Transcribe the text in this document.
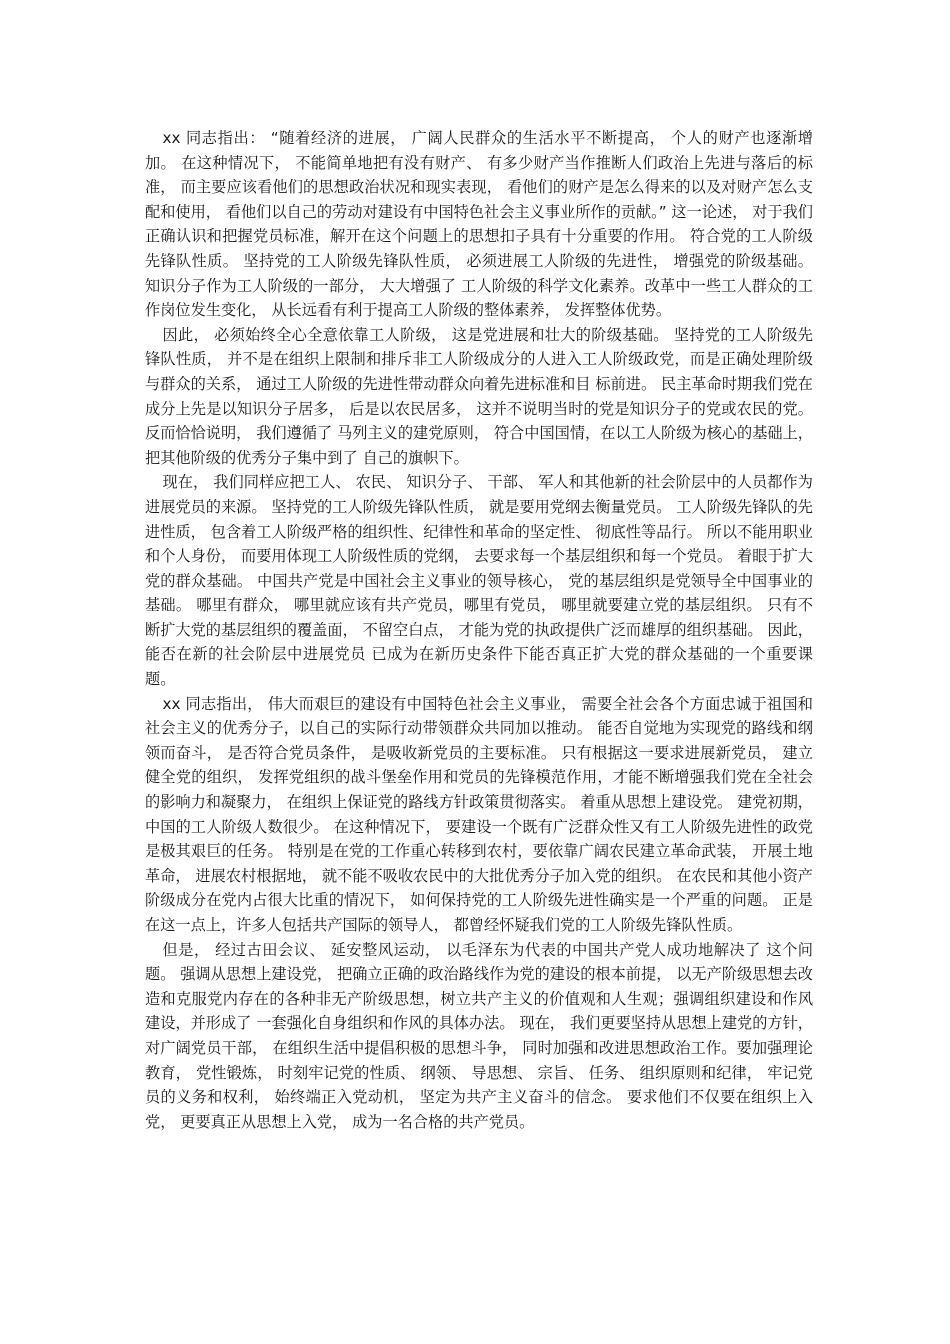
xx 同志指出： “随着经济的进展， 广阔人民群众的生活水平不断提高， 个人的财产也逐渐增加。 在这种情况下， 不能简单地把有没有财产、 有多少财产当作推断人们政治上先进与落后的标准， 而主要应该看他们的思想政治状况和现实表现， 看他们的财产是怎么得来的以及对财产怎么支配和使用， 看他们以自己的劳动对建设有中国特色社会主义事业所作的贡献。” 这一论述， 对于我们正确认识和把握党员标准，解开在这个问题上的思想扣子具有十分重要的作用。 符合党的工人阶级先锋队性质。 坚持党的工人阶级先锋队性质， 必须进展工人阶级的先进性， 增强党的阶级基础。 知识分子作为工人阶级的一部分， 大大增强了 工人阶级的科学文化素养。改革中一些工人群众的工作岗位发生变化， 从长远看有利于提高工人阶级的整体素养， 发挥整体优势。

因此， 必须始终全心全意依靠工人阶级， 这是党进展和壮大的阶级基础。 坚持党的工人阶级先锋队性质， 并不是在组织上限制和排斥非工人阶级成分的人进入工人阶级政党，而是正确处理阶级与群众的关系， 通过工人阶级的先进性带动群众向着先进标准和目 标前进。 民主革命时期我们党在成分上先是以知识分子居多， 后是以农民居多， 这并不说明当时的党是知识分子的党或农民的党。 反而恰恰说明， 我们遵循了 马列主义的建党原则， 符合中国国情，在以工人阶级为核心的基础上， 把其他阶级的优秀分子集中到了 自己的旗帜下。

现在， 我们同样应把工人、 农民、 知识分子、 干部、 军人和其他新的社会阶层中的人员都作为进展党员的来源。 坚持党的工人阶级先锋队性质， 就是要用党纲去衡量党员。 工人阶级先锋队的先进性质， 包含着工人阶级严格的组织性、纪律性和革命的坚定性、 彻底性等品行。 所以不能用职业和个人身份， 而要用体现工人阶级性质的党纲， 去要求每一个基层组织和每一个党员。 着眼于扩大党的群众基础。 中国共产党是中国社会主义事业的领导核心， 党的基层组织是党领导全中国事业的基础。 哪里有群众， 哪里就应该有共产党员，哪里有党员， 哪里就要建立党的基层组织。 只有不断扩大党的基层组织的覆盖面， 不留空白点， 才能为党的执政提供广泛而雄厚的组织基础。 因此， 能否在新的社会阶层中进展党员 已成为在新历史条件下能否真正扩大党的群众基础的一个重要课题。

xx 同志指出， 伟大而艰巨的建设有中国特色社会主义事业， 需要全社会各个方面忠诚于祖国和社会主义的优秀分子，以自己的实际行动带领群众共同加以推动。 能否自觉地为实现党的路线和纲领而奋斗， 是否符合党员条件， 是吸收新党员的主要标准。 只有根据这一要求进展新党员， 建立健全党的组织， 发挥党组织的战斗堡垒作用和党员的先锋模范作用，才能不断增强我们党在全社会的影响力和凝聚力， 在组织上保证党的路线方针政策贯彻落实。 着重从思想上建设党。 建党初期， 中国的工人阶级人数很少。 在这种情况下， 要建设一个既有广泛群众性又有工人阶级先进性的政党是极其艰巨的任务。 特别是在党的工作重心转移到农村，要依靠广阔农民建立革命武装， 开展土地革命， 进展农村根据地， 就不能不吸收农民中的大批优秀分子加入党的组织。 在农民和其他小资产阶级成分在党内占很大比重的情况下， 如何保持党的工人阶级先进性确实是一个严重的问题。 正是在这一点上，许多人包括共产国际的领导人， 都曾经怀疑我们党的工人阶级先锋队性质。

但是， 经过古田会议、 延安整风运动， 以毛泽东为代表的中国共产党人成功地解决了 这个问题。 强调从思想上建设党， 把确立正确的政治路线作为党的建设的根本前提， 以无产阶级思想去改造和克服党内存在的各种非无产阶级思想，树立共产主义的价值观和人生观；强调组织建设和作风建设，并形成了 一套强化自身组织和作风的具体办法。 现在， 我们更要坚持从思想上建党的方针， 对广阔党员干部， 在组织生活中提倡积极的思想斗争， 同时加强和改进思想政治工作。要加强理论教育， 党性锻炼， 时刻牢记党的性质、 纲领、 导思想、 宗旨、 任务、 组织原则和纪律， 牢记党员的义务和权利， 始终端正入党动机， 坚定为共产主义奋斗的信念。 要求他们不仅要在组织上入党， 更要真正从思想上入党， 成为一名合格的共产党员。
